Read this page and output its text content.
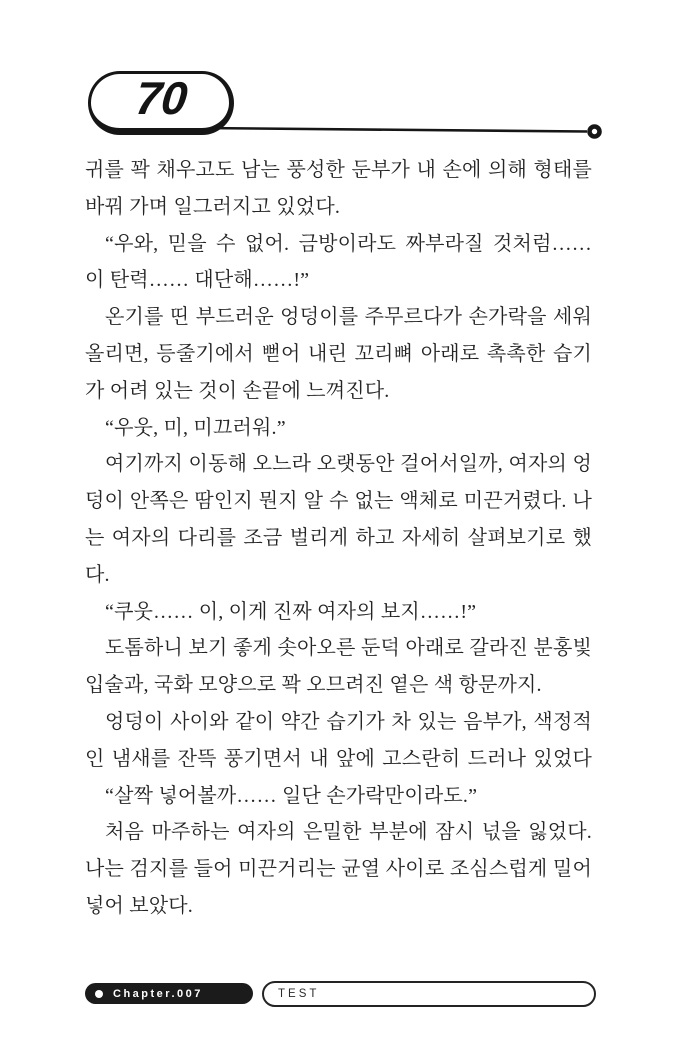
70
귀를 꽉 채우고도 남는 풍성한 둔부가 내 손에 의해 형태를
바꿔 가며 일그러지고 있었다.
“우와, 믿을 수 없어. 금방이라도 짜부라질 것처럼……
이 탄력…… 대단해……!”
온기를 띤 부드러운 엉덩이를 주무르다가 손가락을 세워
올리면, 등줄기에서 뻗어 내린 꼬리뼈 아래로 촉촉한 습기
가 어려 있는 것이 손끝에 느껴진다.
“우웃, 미, 미끄러워.”
여기까지 이동해 오느라 오랫동안 걸어서일까, 여자의 엉
덩이 안쪽은 땀인지 뭔지 알 수 없는 액체로 미끈거렸다. 나
는 여자의 다리를 조금 벌리게 하고 자세히 살펴보기로 했
다.
“쿠웃…… 이, 이게 진짜 여자의 보지……!”
도톰하니 보기 좋게 솟아오른 둔덕 아래로 갈라진 분홍빛
입술과, 국화 모양으로 꽉 오므려진 옅은 색 항문까지.
엉덩이 사이와 같이 약간 습기가 차 있는 음부가, 색정적
인 냄새를 잔뜩 풍기면서 내 앞에 고스란히 드러나 있었다
“살짝 넣어볼까…… 일단 손가락만이라도.”
처음 마주하는 여자의 은밀한 부분에 잠시 넋을 잃었다.
나는 검지를 들어 미끈거리는 균열 사이로 조심스럽게 밀어
넣어 보았다.
Chapter.007	TEST
